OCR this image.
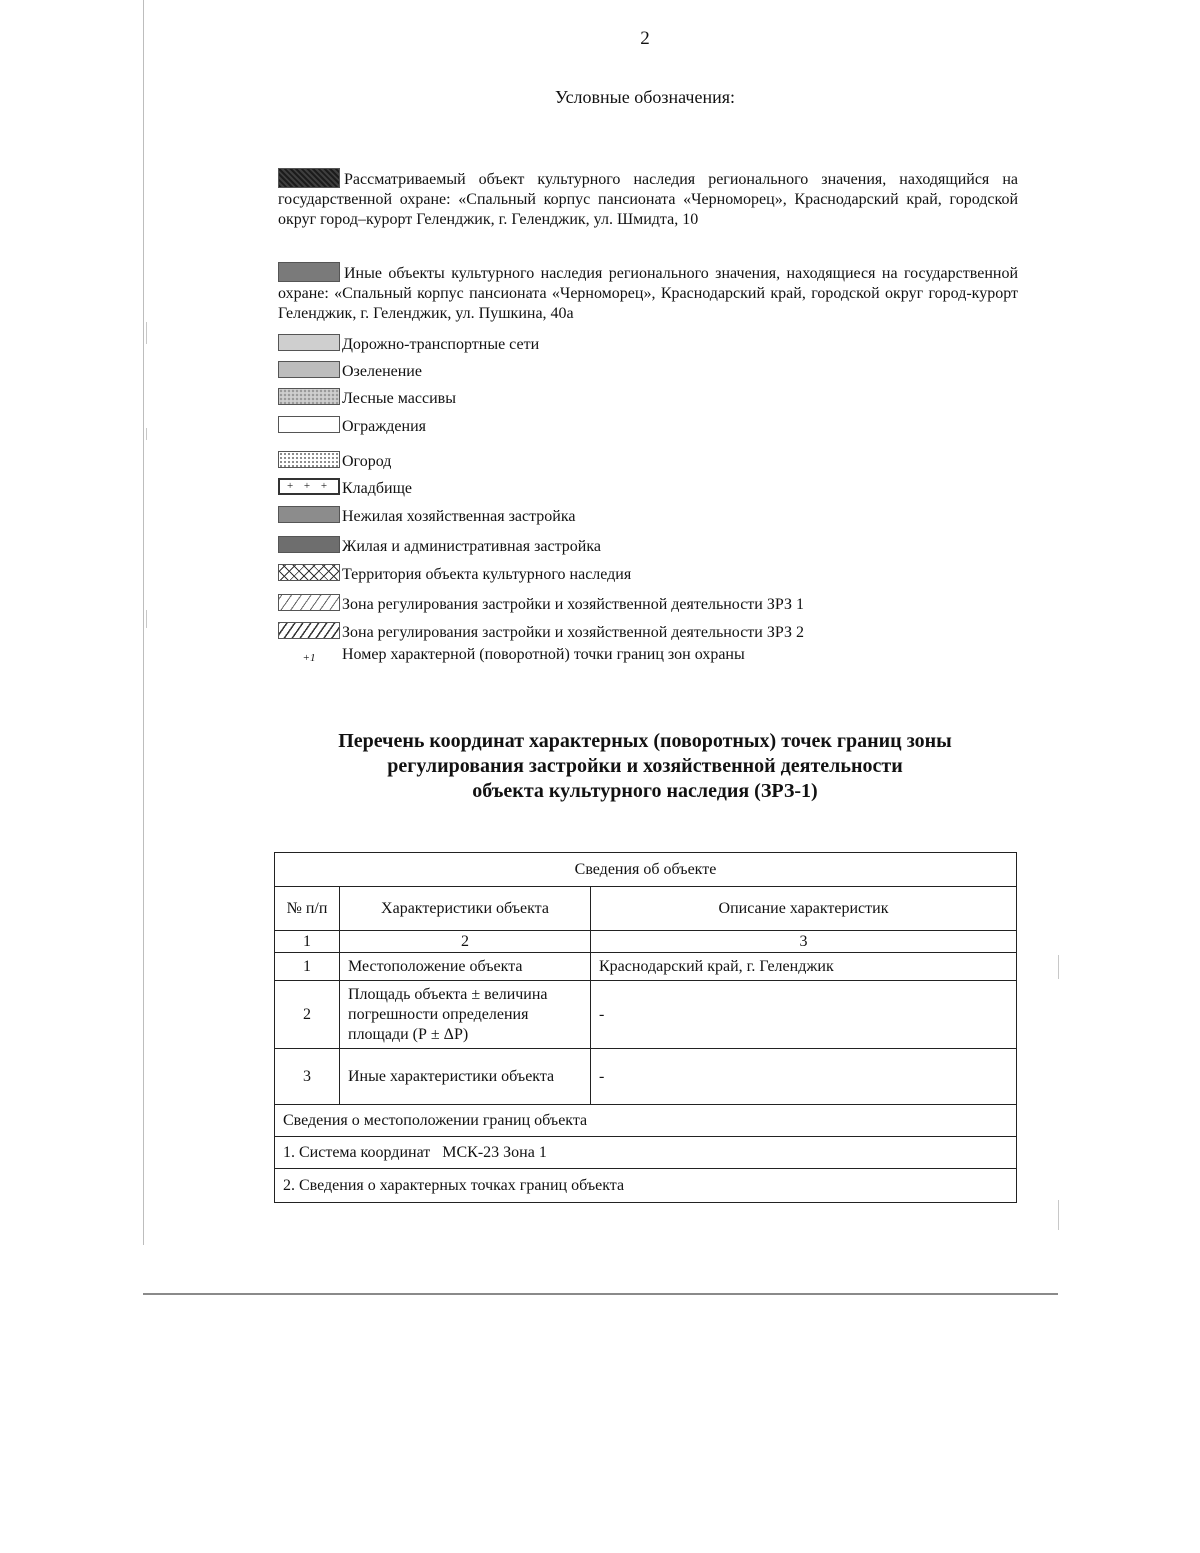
2
Условные обозначения:
Рассматриваемый объект культурного наследия регионального значения, находящийся на государственной охране: «Спальный корпус пансионата «Черноморец», Краснодарский край, городской округ город–курорт Геленджик, г. Геленджик, ул. Шмидта, 10
Иные объекты культурного наследия регионального значения, находящиеся на государственной охране: «Спальный корпус пансионата «Черноморец», Краснодарский край, городской округ город-курорт Геленджик, г. Геленджик, ул. Пушкина, 40а
Дорожно-транспортные сети
Озеленение
Лесные массивы
Ограждения
Огород
+ + + Кладбище
Нежилая хозяйственная застройка
Жилая и административная застройка
Территория объекта культурного наследия
Зона регулирования застройки и хозяйственной деятельности ЗРЗ 1
Зона регулирования застройки и хозяйственной деятельности ЗРЗ 2
+1 Номер характерной (поворотной) точки границ зон охраны
Перечень координат характерных (поворотных) точек границ зоны
регулирования застройки и хозяйственной деятельности
объекта культурного наследия (ЗРЗ-1)
Сведения об объекте		
№ п/п	Характеристики объекта	Описание характеристик
1	2	3
1	Местоположение объекта	Краснодарский край, г. Геленджик
2	Площадь объекта ± величина погрешности определения площади (Р ± ΔР)	-
3	Иные характеристики объекта	-
Сведения о местоположении границ объекта		
1. Система координат   МСК-23 Зона 1		
2. Сведения о характерных точках границ объекта		
